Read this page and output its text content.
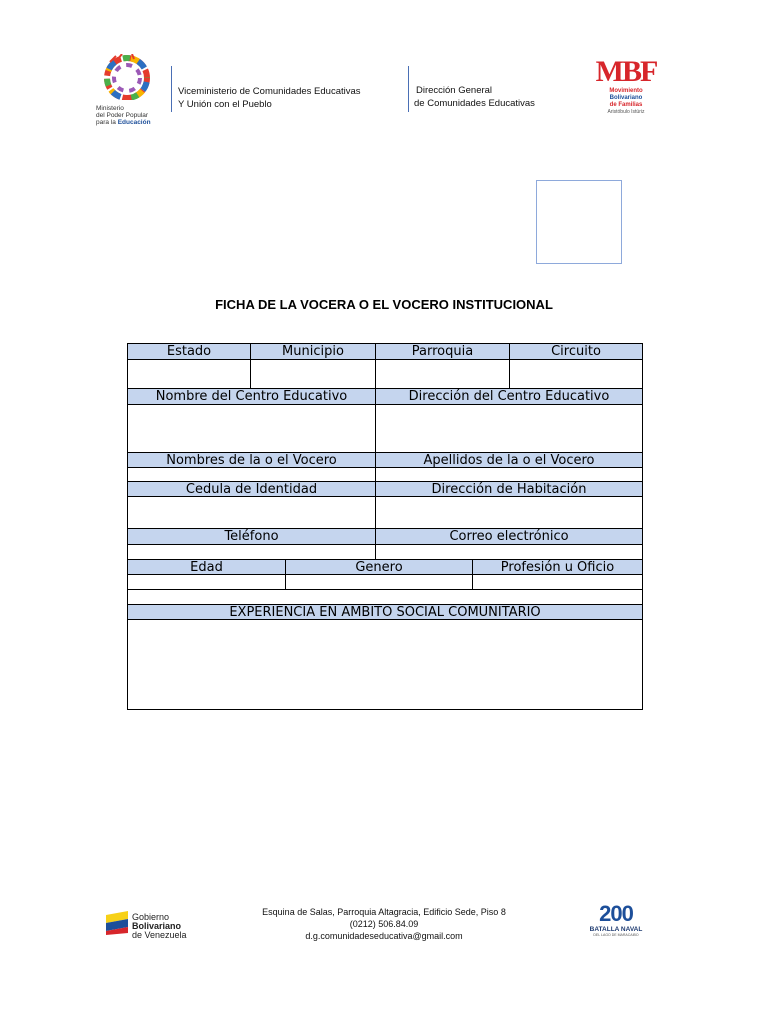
Ministerio
del Poder Popular
para la Educación
Viceministerio de Comunidades Educativas
Y Unión con el Pueblo
Dirección General
de Comunidades Educativas
MBF
Movimiento
Bolivariano
de Familias
Aristóbulo Istúriz
FICHA DE LA VOCERA O EL VOCERO INSTITUCIONAL
Estado	Municipio	Parroquia	Circuito
Nombre del Centro Educativo	Dirección del Centro Educativo
Nombres de la o el Vocero	Apellidos de la o el Vocero
Cedula de Identidad	Dirección de Habitación
Teléfono	Correo electrónico
Edad	Genero	Profesión u Oficio
EXPERIENCIA EN AMBITO SOCIAL COMUNITARIO
Gobierno
Bolivariano
de Venezuela
Esquina de Salas, Parroquia Altagracia, Edificio Sede, Piso 8
(0212) 506.84.09
d.g.comunidadeseducativa@gmail.com
200
BATALLA NAVAL
DEL LAGO DE MARACAIBO
